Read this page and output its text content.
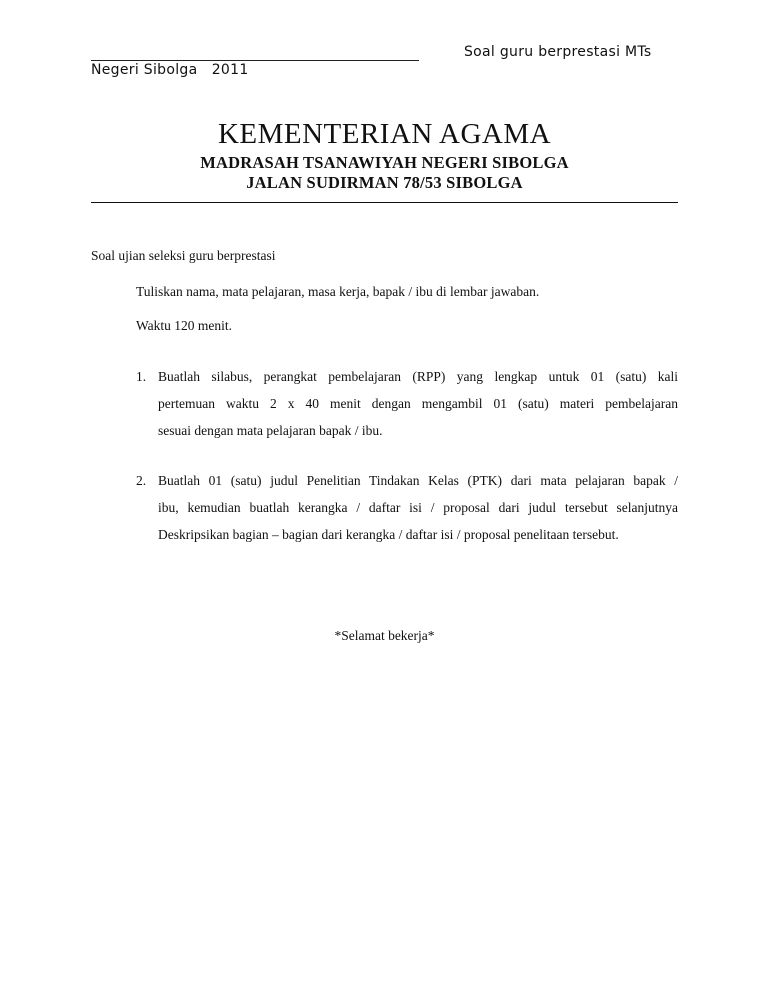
Soal guru berprestasi MTs
Negeri Sibolga   2011
KEMENTERIAN AGAMA
MADRASAH TSANAWIYAH NEGERI SIBOLGA
JALAN SUDIRMAN 78/53 SIBOLGA
Soal ujian seleksi guru berprestasi
Tuliskan nama, mata pelajaran, masa kerja, bapak / ibu di lembar jawaban.
Waktu 120 menit.
1. Buatlah silabus, perangkat pembelajaran (RPP) yang lengkap untuk 01 (satu) kali
pertemuan waktu 2 x 40 menit dengan mengambil 01 (satu) materi pembelajaran
sesuai dengan mata pelajaran bapak / ibu.
2. Buatlah 01 (satu) judul Penelitian Tindakan Kelas (PTK) dari mata pelajaran bapak /
ibu, kemudian buatlah kerangka / daftar isi / proposal dari judul tersebut selanjutnya
Deskripsikan bagian – bagian dari kerangka / daftar isi / proposal penelitaan tersebut.
*Selamat bekerja*
